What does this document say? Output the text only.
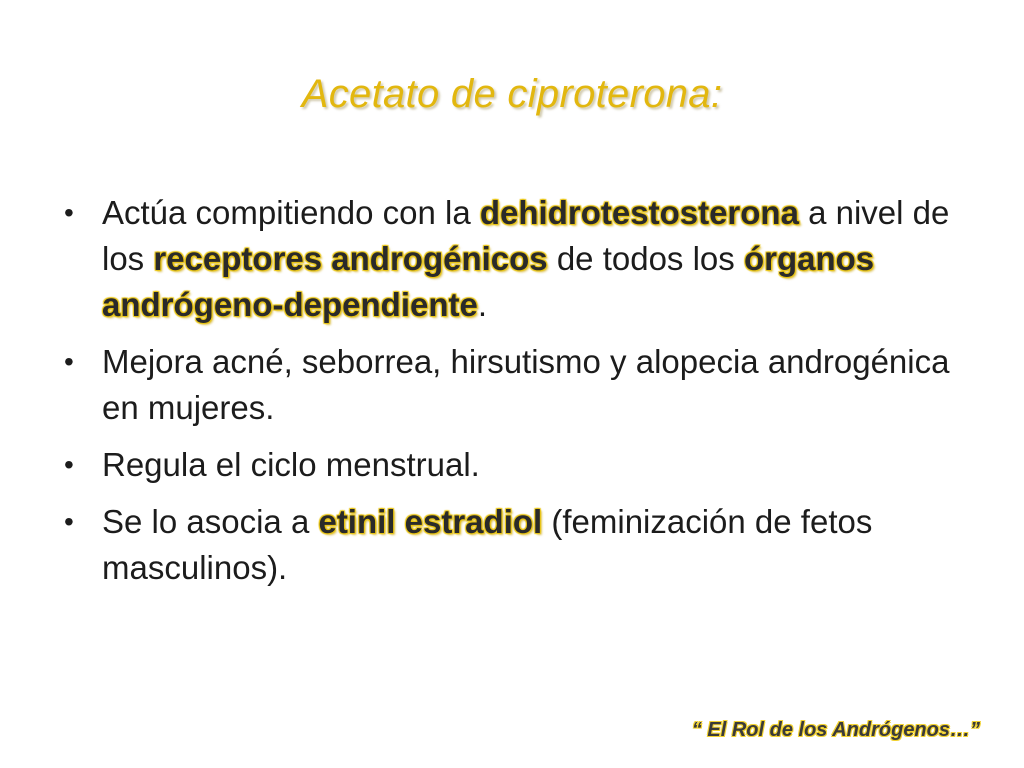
Acetato de ciproterona:
• Actúa compitiendo con la dehidrotestosterona a nivel de los receptores androgénicos de todos los órganos andrógeno-dependiente.
• Mejora acné, seborrea, hirsutismo y alopecia androgénica en mujeres.
• Regula el ciclo menstrual.
• Se lo asocia a etinil estradiol (feminización de fetos masculinos).
“ El Rol de los Andrógenos…”
